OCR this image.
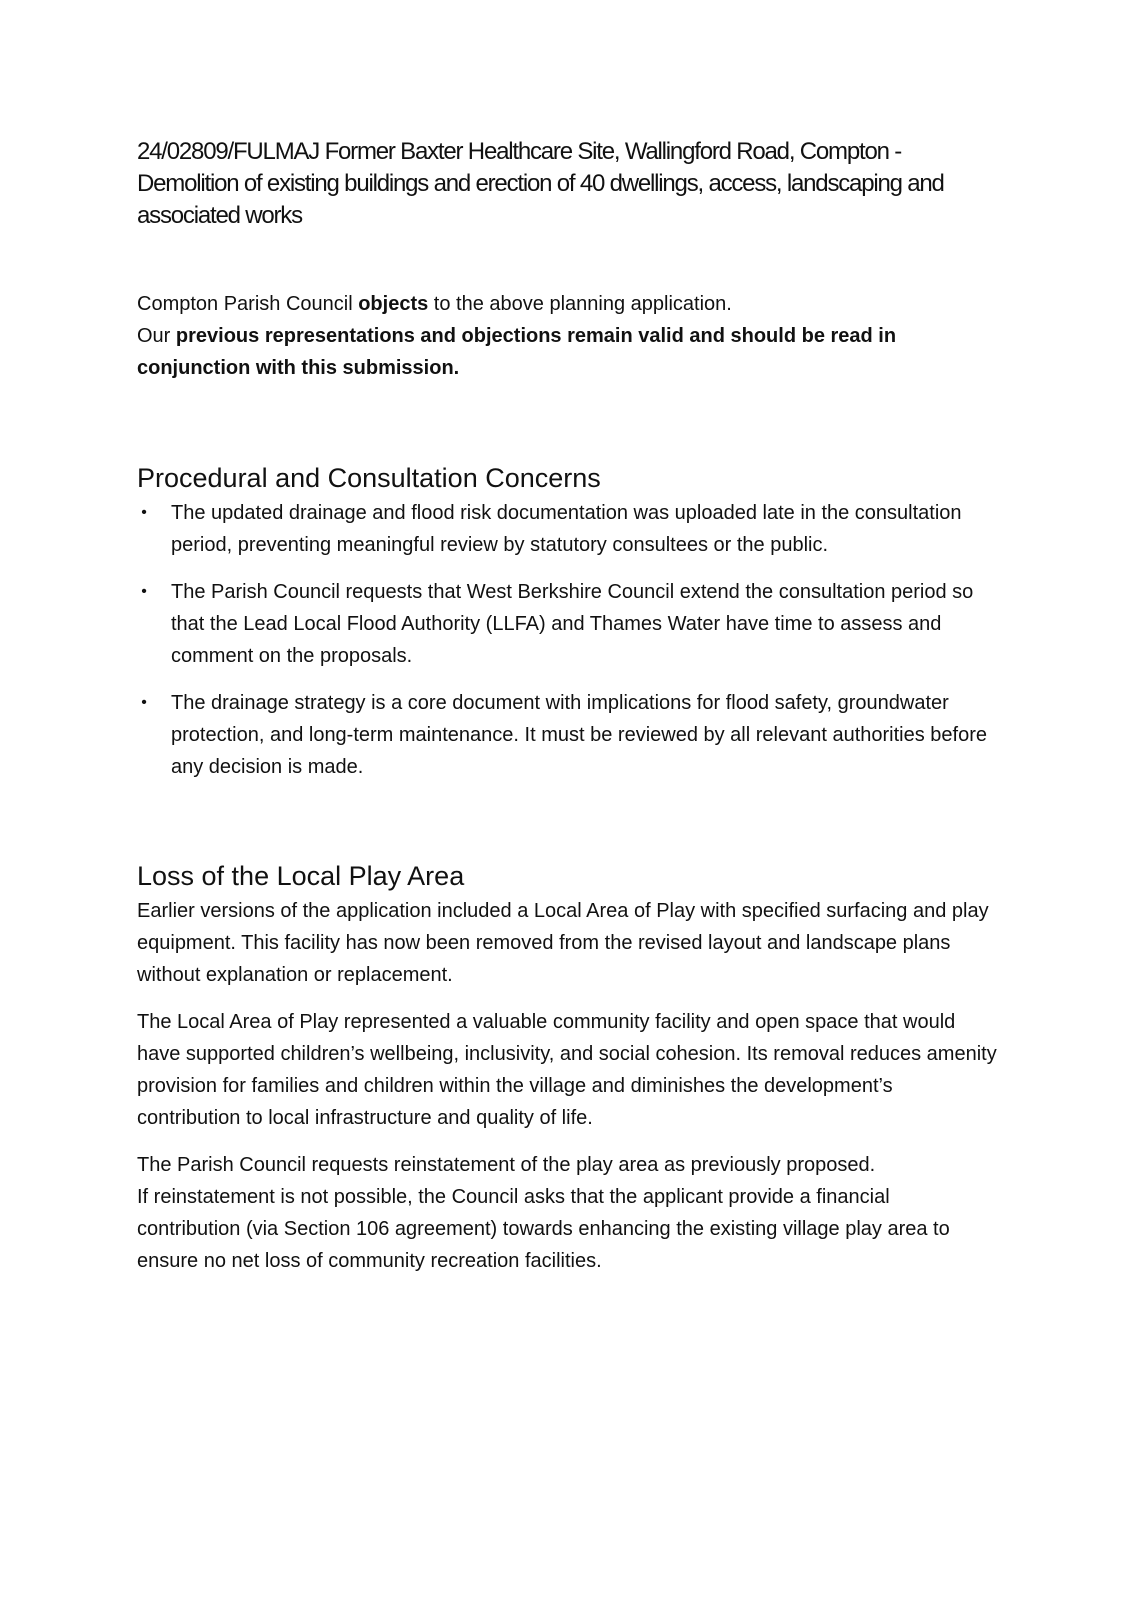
24/02809/FULMAJ Former Baxter Healthcare Site, Wallingford Road, Compton - Demolition of existing buildings and erection of 40 dwellings, access, landscaping and associated works

Compton Parish Council objects to the above planning application.

Our previous representations and objections remain valid and should be read in conjunction with this submission.

Procedural and Consultation Concerns
• The updated drainage and flood risk documentation was uploaded late in the consultation period, preventing meaningful review by statutory consultees or the public.
• The Parish Council requests that West Berkshire Council extend the consultation period so that the Lead Local Flood Authority (LLFA) and Thames Water have time to assess and comment on the proposals.
• The drainage strategy is a core document with implications for flood safety, groundwater protection, and long-term maintenance. It must be reviewed by all relevant authorities before any decision is made.
Loss of the Local Play Area

Earlier versions of the application included a Local Area of Play with specified surfacing and play equipment. This facility has now been removed from the revised layout and landscape plans without explanation or replacement.

The Local Area of Play represented a valuable community facility and open space that would have supported children’s wellbeing, inclusivity, and social cohesion. Its removal reduces amenity provision for families and children within the village and diminishes the development’s contribution to local infrastructure and quality of life.

The Parish Council requests reinstatement of the play area as previously proposed.
If reinstatement is not possible, the Council asks that the applicant provide a financial contribution (via Section 106 agreement) towards enhancing the existing village play area to ensure no net loss of community recreation facilities.
